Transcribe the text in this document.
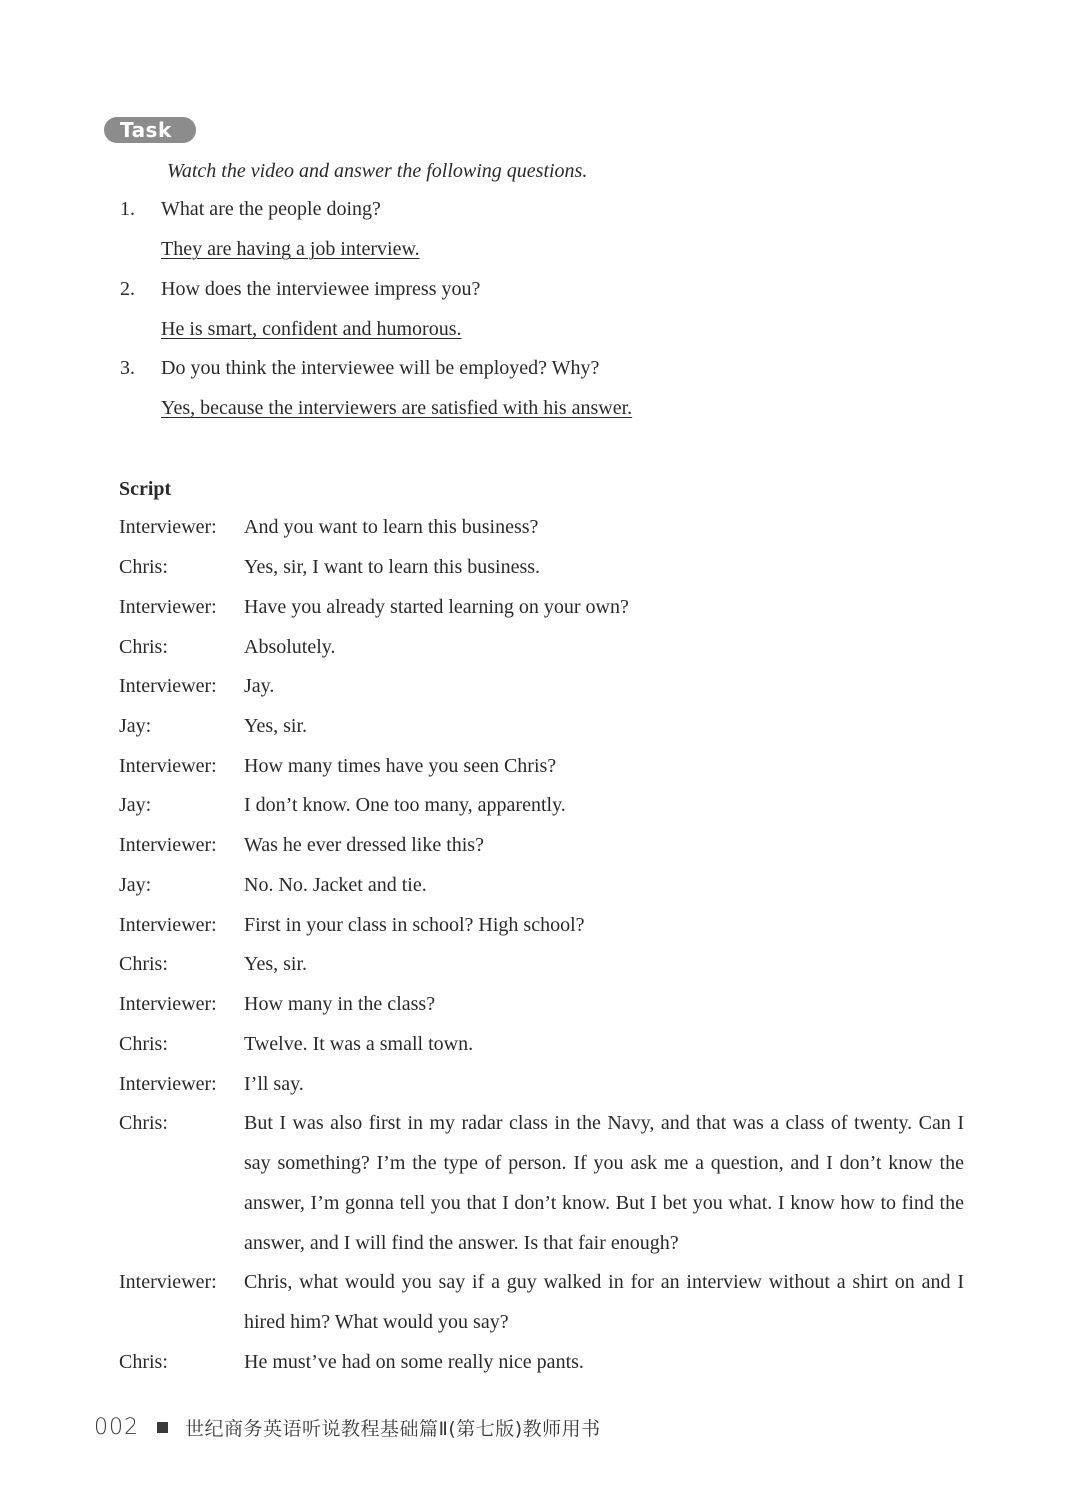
Task
Watch the video and answer the following questions.
1. What are the people doing?
They are having a job interview.
2. How does the interviewee impress you?
He is smart, confident and humorous.
3. Do you think the interviewee will be employed? Why?
Yes, because the interviewers are satisfied with his answer.
Script
Interviewer: And you want to learn this business?
Chris:	Yes, sir, I want to learn this business.
Interviewer: Have you already started learning on your own?
Chris:	Absolutely.
Interviewer: Jay.
Jay:	Yes, sir.
Interviewer: How many times have you seen Chris?
Jay:	I don’t know. One too many, apparently.
Interviewer: Was he ever dressed like this?
Jay:	No. No. Jacket and tie.
Interviewer: First in your class in school? High school?
Chris:	Yes, sir.
Interviewer: How many in the class?
Chris:	Twelve. It was a small town.
Interviewer: I’ll say.
Chris:	But I was also first in my radar class in the Navy, and that was a class of twenty. Can I say something? I’m the type of person. If you ask me a question, and I don’t know the answer, I’m gonna tell you that I don’t know. But I bet you what. I know how to find the answer, and I will find the answer. Is that fair enough?
Interviewer: Chris, what would you say if a guy walked in for an interview without a shirt on and I hired him? What would you say?
Chris:	He must’ve had on some really nice pants.
002 世纪商务英语听说教程基础篇Ⅱ(第七版)教师用书
